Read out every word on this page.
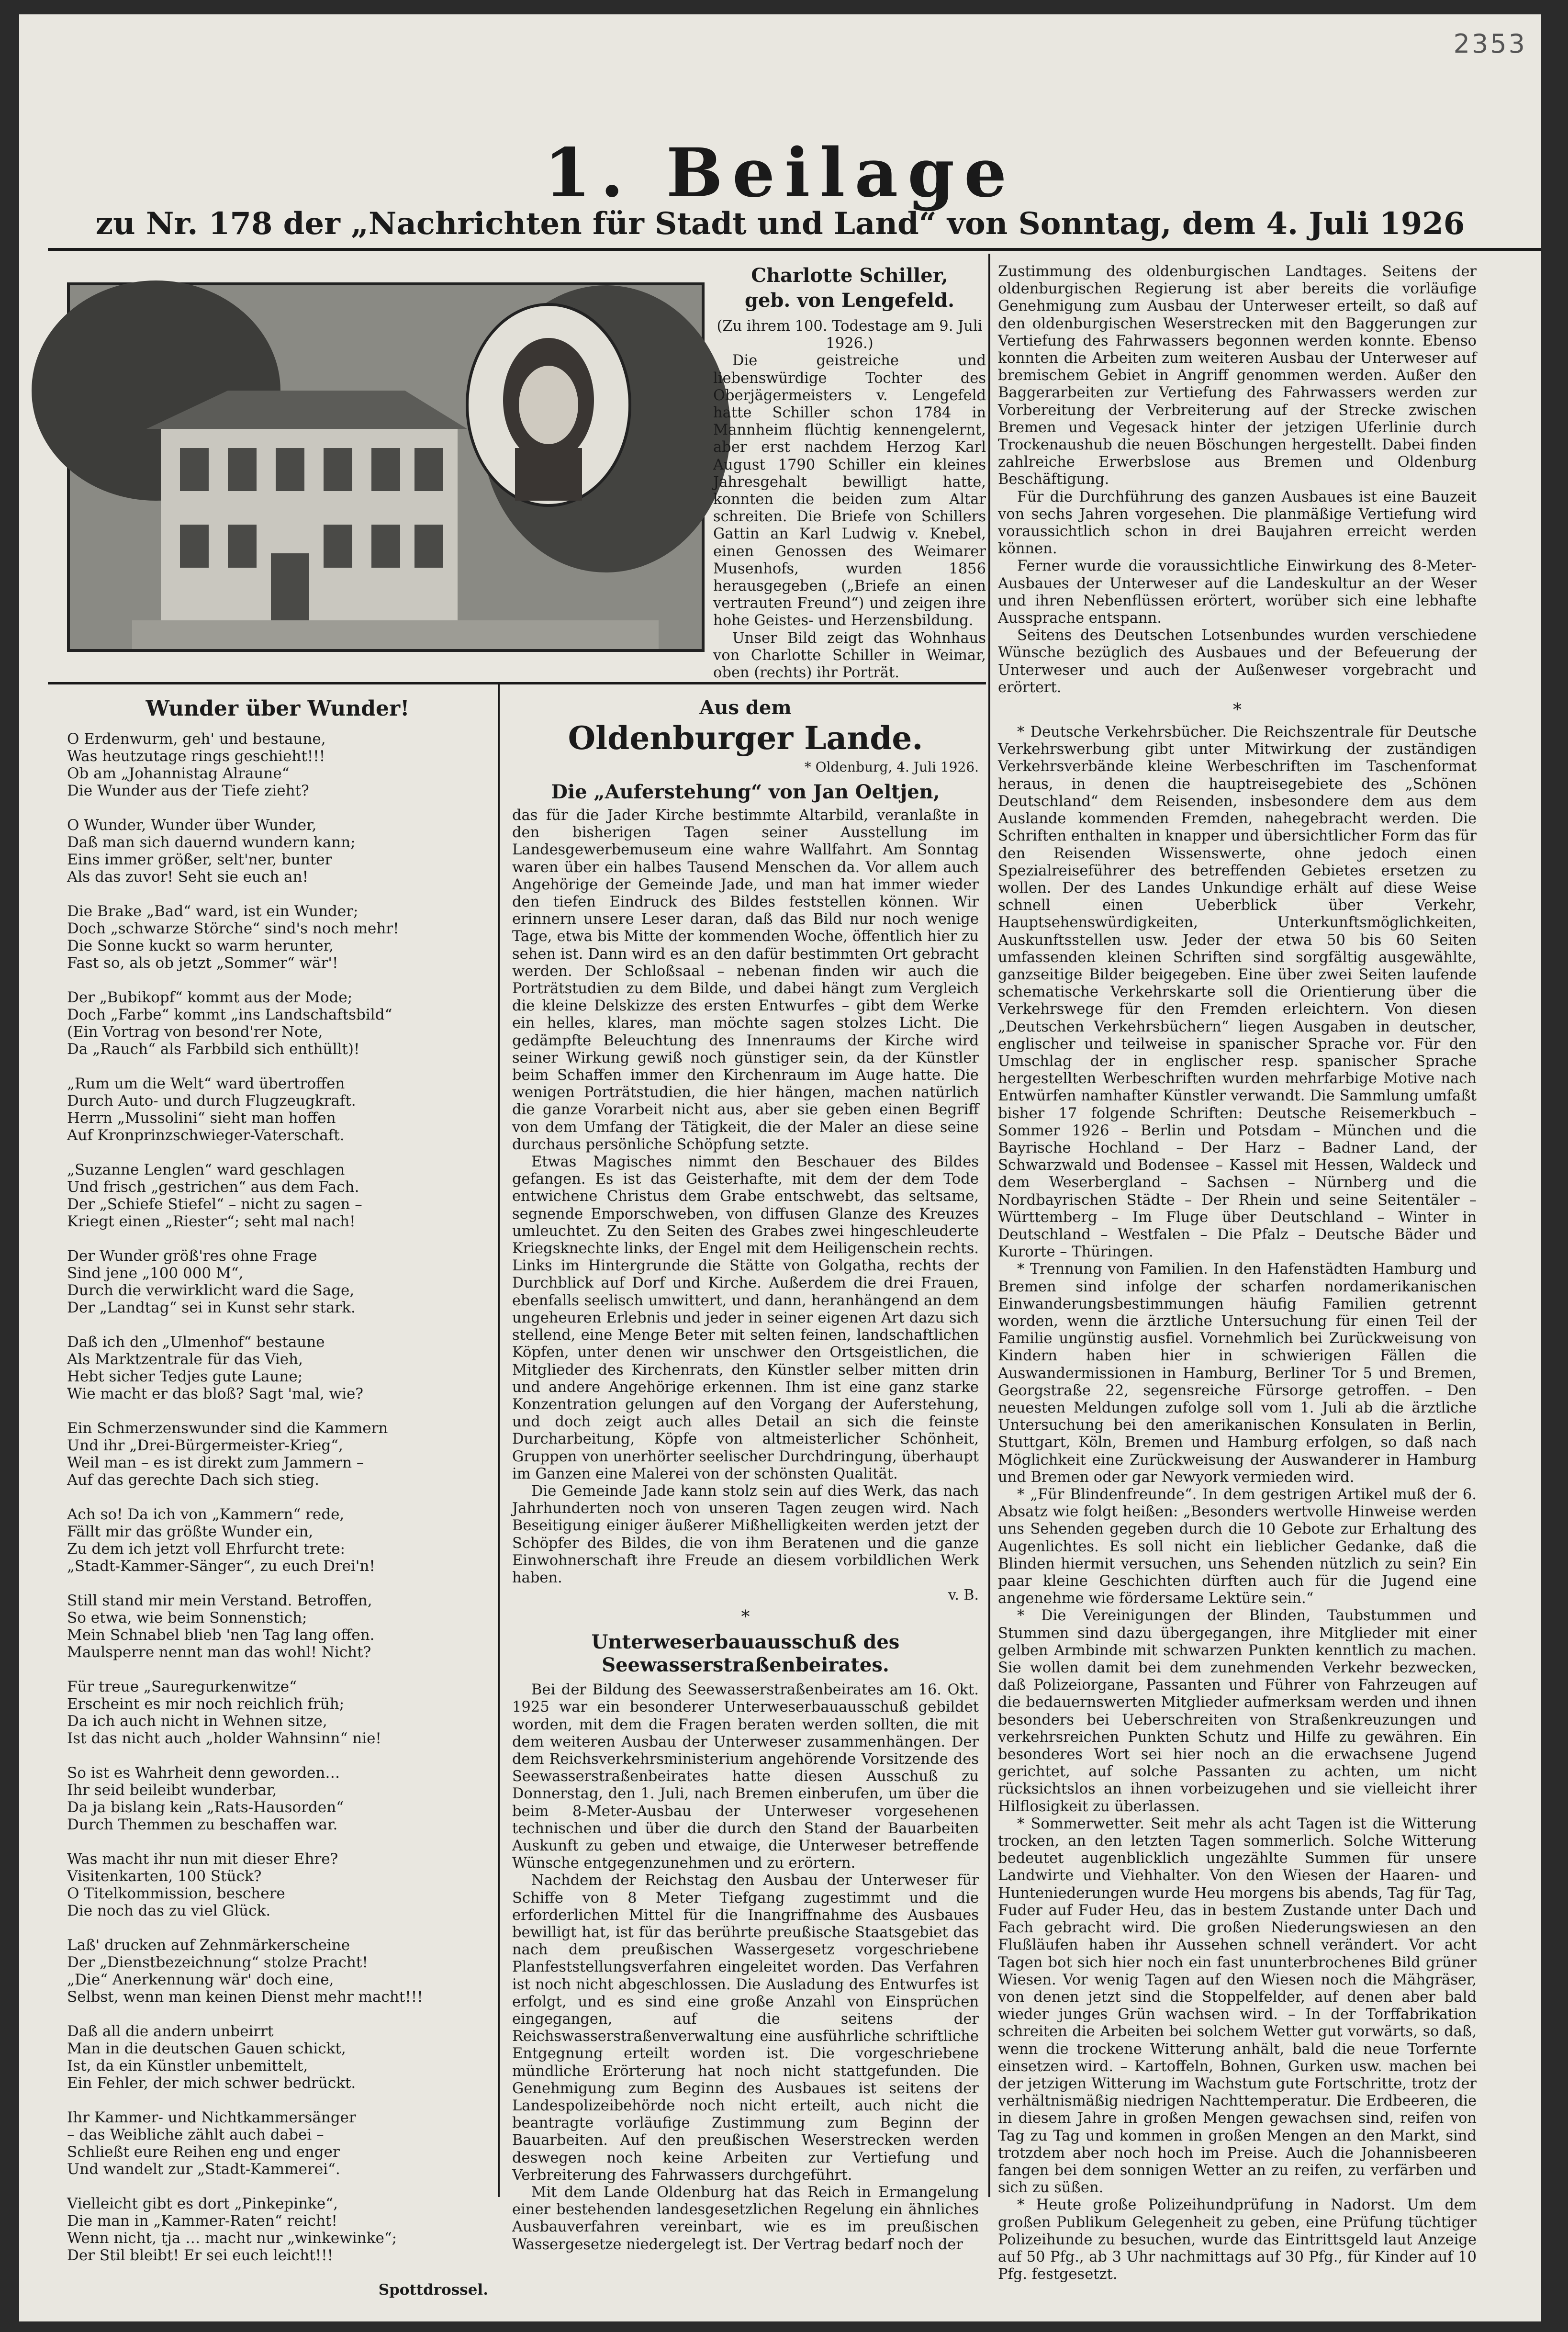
2353
1. Beilage
zu Nr. 178 der „Nachrichten für Stadt und Land“ von Sonntag, dem 4. Juli 1926
Charlotte Schiller,
geb. von Lengefeld.

(Zu ihrem 100. Todestage am 9. Juli 1926.)

Die geistreiche und liebenswürdige Tochter des Oberjägermeisters v. Lengefeld hatte Schiller schon 1784 in Mannheim flüchtig kennengelernt, aber erst nachdem Herzog Karl August 1790 Schiller ein kleines Jahresgehalt bewilligt hatte, konnten die beiden zum Altar schreiten. Die Briefe von Schillers Gattin an Karl Ludwig v. Knebel, einen Genossen des Weimarer Musenhofs, wurden 1856 herausgegeben („Briefe an einen vertrauten Freund“) und zeigen ihre hohe Geistes- und Herzensbildung.

Unser Bild zeigt das Wohnhaus von Charlotte Schiller in Weimar, oben (rechts) ihr Porträt.

Wunder über Wunder!
O Erdenwurm, geh' und bestaune,
Was heutzutage rings geschieht!!!
Ob am „Johannistag Alraune“
Die Wunder aus der Tiefe zieht?
O Wunder, Wunder über Wunder,
Daß man sich dauernd wundern kann;
Eins immer größer, selt'ner, bunter
Als das zuvor! Seht sie euch an!
Die Brake „Bad“ ward, ist ein Wunder;
Doch „schwarze Störche“ sind's noch mehr!
Die Sonne kuckt so warm herunter,
Fast so, als ob jetzt „Sommer“ wär'!
Der „Bubikopf“ kommt aus der Mode;
Doch „Farbe“ kommt „ins Landschaftsbild“
(Ein Vortrag von besond'rer Note,
Da „Rauch“ als Farbbild sich enthüllt)!
„Rum um die Welt“ ward übertroffen
Durch Auto- und durch Flugzeugkraft.
Herrn „Mussolini“ sieht man hoffen
Auf Kronprinzschwieger-Vaterschaft.
„Suzanne Lenglen“ ward geschlagen
Und frisch „gestrichen“ aus dem Fach.
Der „Schiefe Stiefel“ – nicht zu sagen –
Kriegt einen „Riester“; seht mal nach!
Der Wunder größ'res ohne Frage
Sind jene „100 000 M“,
Durch die verwirklicht ward die Sage,
Der „Landtag“ sei in Kunst sehr stark.
Daß ich den „Ulmenhof“ bestaune
Als Marktzentrale für das Vieh,
Hebt sicher Tedjes gute Laune;
Wie macht er das bloß? Sagt 'mal, wie?
Ein Schmerzenswunder sind die Kammern
Und ihr „Drei-Bürgermeister-Krieg“,
Weil man – es ist direkt zum Jammern –
Auf das gerechte Dach sich stieg.
Ach so! Da ich von „Kammern“ rede,
Fällt mir das größte Wunder ein,
Zu dem ich jetzt voll Ehrfurcht trete:
„Stadt-Kammer-Sänger“, zu euch Drei'n!
Still stand mir mein Verstand. Betroffen,
So etwa, wie beim Sonnenstich;
Mein Schnabel blieb 'nen Tag lang offen.
Maulsperre nennt man das wohl! Nicht?
Für treue „Sauregurkenwitze“
Erscheint es mir noch reichlich früh;
Da ich auch nicht in Wehnen sitze,
Ist das nicht auch „holder Wahnsinn“ nie!
So ist es Wahrheit denn geworden…
Ihr seid beileibt wunderbar,
Da ja bislang kein „Rats-Hausorden“
Durch Themmen zu beschaffen war.
Was macht ihr nun mit dieser Ehre?
Visitenkarten, 100 Stück?
O Titelkommission, beschere
Die noch das zu viel Glück.
Laß' drucken auf Zehnmärkerscheine
Der „Dienstbezeichnung“ stolze Pracht!
„Die“ Anerkennung wär' doch eine,
Selbst, wenn man keinen Dienst mehr macht!!!
Daß all die andern unbeirrt
Man in die deutschen Gauen schickt,
Ist, da ein Künstler unbemittelt,
Ein Fehler, der mich schwer bedrückt.
Ihr Kammer- und Nichtkammersänger
– das Weibliche zählt auch dabei –
Schließt eure Reihen eng und enger
Und wandelt zur „Stadt-Kammerei“.
Vielleicht gibt es dort „Pinkepinke“,
Die man in „Kammer-Raten“ reicht!
Wenn nicht, tja … macht nur „winkewinke“;
Der Stil bleibt! Er sei euch leicht!!!
Spottdrossel.
Aus dem
Oldenburger Lande.
* Oldenburg, 4. Juli 1926.
Die „Auferstehung“ von Jan Oeltjen,

das für die Jader Kirche bestimmte Altarbild, veranlaßte in den bisherigen Tagen seiner Ausstellung im Landesgewerbemuseum eine wahre Wallfahrt. Am Sonntag waren über ein halbes Tausend Menschen da. Vor allem auch Angehörige der Gemeinde Jade, und man hat immer wieder den tiefen Eindruck des Bildes feststellen können. Wir erinnern unsere Leser daran, daß das Bild nur noch wenige Tage, etwa bis Mitte der kommenden Woche, öffentlich hier zu sehen ist. Dann wird es an den dafür bestimmten Ort gebracht werden. Der Schloßsaal – nebenan finden wir auch die Porträtstudien zu dem Bilde, und dabei hängt zum Vergleich die kleine Delskizze des ersten Entwurfes – gibt dem Werke ein helles, klares, man möchte sagen stolzes Licht. Die gedämpfte Beleuchtung des Innenraums der Kirche wird seiner Wirkung gewiß noch günstiger sein, da der Künstler beim Schaffen immer den Kirchenraum im Auge hatte. Die wenigen Porträtstudien, die hier hängen, machen natürlich die ganze Vorarbeit nicht aus, aber sie geben einen Begriff von dem Umfang der Tätigkeit, die der Maler an diese seine durchaus persönliche Schöpfung setzte.

Etwas Magisches nimmt den Beschauer des Bildes gefangen. Es ist das Geisterhafte, mit dem der dem Tode entwichene Christus dem Grabe entschwebt, das seltsame, segnende Emporschweben, von diffusen Glanze des Kreuzes umleuchtet. Zu den Seiten des Grabes zwei hingeschleuderte Kriegsknechte links, der Engel mit dem Heiligenschein rechts. Links im Hintergrunde die Stätte von Golgatha, rechts der Durchblick auf Dorf und Kirche. Außerdem die drei Frauen, ebenfalls seelisch umwittert, und dann, heranhängend an dem ungeheuren Erlebnis und jeder in seiner eigenen Art dazu sich stellend, eine Menge Beter mit selten feinen, landschaftlichen Köpfen, unter denen wir unschwer den Ortsgeistlichen, die Mitglieder des Kirchenrats, den Künstler selber mitten drin und andere Angehörige erkennen. Ihm ist eine ganz starke Konzentration gelungen auf den Vorgang der Auferstehung, und doch zeigt auch alles Detail an sich die feinste Durcharbeitung, Köpfe von altmeisterlicher Schönheit, Gruppen von unerhörter seelischer Durchdringung, überhaupt im Ganzen eine Malerei von der schönsten Qualität.

Die Gemeinde Jade kann stolz sein auf dies Werk, das nach Jahrhunderten noch von unseren Tagen zeugen wird. Nach Beseitigung einiger äußerer Mißhelligkeiten werden jetzt der Schöpfer des Bildes, die von ihm Beratenen und die ganze Einwohnerschaft ihre Freude an diesem vorbildlichen Werk haben.

v. B.
*
Unterweserbauausschuß des Seewasserstraßenbeirates.

Bei der Bildung des Seewasserstraßenbeirates am 16. Okt. 1925 war ein besonderer Unterweserbauausschuß gebildet worden, mit dem die Fragen beraten werden sollten, die mit dem weiteren Ausbau der Unterweser zusammenhängen. Der dem Reichsverkehrsministerium angehörende Vorsitzende des Seewasserstraßenbeirates hatte diesen Ausschuß zu Donnerstag, den 1. Juli, nach Bremen einberufen, um über die beim 8-Meter-Ausbau der Unterweser vorgesehenen technischen und über die durch den Stand der Bauarbeiten Auskunft zu geben und etwaige, die Unterweser betreffende Wünsche entgegenzunehmen und zu erörtern.

Nachdem der Reichstag den Ausbau der Unterweser für Schiffe von 8 Meter Tiefgang zugestimmt und die erforderlichen Mittel für die Inangriffnahme des Ausbaues bewilligt hat, ist für das berührte preußische Staatsgebiet das nach dem preußischen Wassergesetz vorgeschriebene Planfeststellungsverfahren eingeleitet worden. Das Verfahren ist noch nicht abgeschlossen. Die Ausladung des Entwurfes ist erfolgt, und es sind eine große Anzahl von Einsprüchen eingegangen, auf die seitens der Reichswasserstraßenverwaltung eine ausführliche schriftliche Entgegnung erteilt worden ist. Die vorgeschriebene mündliche Erörterung hat noch nicht stattgefunden. Die Genehmigung zum Beginn des Ausbaues ist seitens der Landespolizeibehörde noch nicht erteilt, auch nicht die beantragte vorläufige Zustimmung zum Beginn der Bauarbeiten. Auf den preußischen Weserstrecken werden deswegen noch keine Arbeiten zur Vertiefung und Verbreiterung des Fahrwassers durchgeführt.

Mit dem Lande Oldenburg hat das Reich in Ermangelung einer bestehenden landesgesetzlichen Regelung ein ähnliches Ausbauverfahren vereinbart, wie es im preußischen Wassergesetze niedergelegt ist. Der Vertrag bedarf noch der

Zustimmung des oldenburgischen Landtages. Seitens der oldenburgischen Regierung ist aber bereits die vorläufige Genehmigung zum Ausbau der Unterweser erteilt, so daß auf den oldenburgischen Weserstrecken mit den Baggerungen zur Vertiefung des Fahrwassers begonnen werden konnte. Ebenso konnten die Arbeiten zum weiteren Ausbau der Unterweser auf bremischem Gebiet in Angriff genommen werden. Außer den Baggerarbeiten zur Vertiefung des Fahrwassers werden zur Vorbereitung der Verbreiterung auf der Strecke zwischen Bremen und Vegesack hinter der jetzigen Uferlinie durch Trockenaushub die neuen Böschungen hergestellt. Dabei finden zahlreiche Erwerbslose aus Bremen und Oldenburg Beschäftigung.

Für die Durchführung des ganzen Ausbaues ist eine Bauzeit von sechs Jahren vorgesehen. Die planmäßige Vertiefung wird voraussichtlich schon in drei Baujahren erreicht werden können.

Ferner wurde die voraussichtliche Einwirkung des 8-Meter-Ausbaues der Unterweser auf die Landeskultur an der Weser und ihren Nebenflüssen erörtert, worüber sich eine lebhafte Aussprache entspann.

Seitens des Deutschen Lotsenbundes wurden verschiedene Wünsche bezüglich des Ausbaues und der Befeuerung der Unterweser und auch der Außenweser vorgebracht und erörtert.

*

* Deutsche Verkehrsbücher. Die Reichszentrale für Deutsche Verkehrswerbung gibt unter Mitwirkung der zuständigen Verkehrsverbände kleine Werbeschriften im Taschenformat heraus, in denen die hauptreisegebiete des „Schönen Deutschland“ dem Reisenden, insbesondere dem aus dem Auslande kommenden Fremden, nahegebracht werden. Die Schriften enthalten in knapper und übersichtlicher Form das für den Reisenden Wissenswerte, ohne jedoch einen Spezialreiseführer des betreffenden Gebietes ersetzen zu wollen. Der des Landes Unkundige erhält auf diese Weise schnell einen Ueberblick über Verkehr, Hauptsehenswürdigkeiten, Unterkunftsmöglichkeiten, Auskunftsstellen usw. Jeder der etwa 50 bis 60 Seiten umfassenden kleinen Schriften sind sorgfältig ausgewählte, ganzseitige Bilder beigegeben. Eine über zwei Seiten laufende schematische Verkehrskarte soll die Orientierung über die Verkehrswege für den Fremden erleichtern. Von diesen „Deutschen Verkehrsbüchern“ liegen Ausgaben in deutscher, englischer und teilweise in spanischer Sprache vor. Für den Umschlag der in englischer resp. spanischer Sprache hergestellten Werbeschriften wurden mehrfarbige Motive nach Entwürfen namhafter Künstler verwandt. Die Sammlung umfaßt bisher 17 folgende Schriften: Deutsche Reisemerkbuch – Sommer 1926 – Berlin und Potsdam – München und die Bayrische Hochland – Der Harz – Badner Land, der Schwarzwald und Bodensee – Kassel mit Hessen, Waldeck und dem Weserbergland – Sachsen – Nürnberg und die Nordbayrischen Städte – Der Rhein und seine Seitentäler – Württemberg – Im Fluge über Deutschland – Winter in Deutschland – Westfalen – Die Pfalz – Deutsche Bäder und Kurorte – Thüringen.

* Trennung von Familien. In den Hafenstädten Hamburg und Bremen sind infolge der scharfen nordamerikanischen Einwanderungsbestimmungen häufig Familien getrennt worden, wenn die ärztliche Untersuchung für einen Teil der Familie ungünstig ausfiel. Vornehmlich bei Zurückweisung von Kindern haben hier in schwierigen Fällen die Auswandermissionen in Hamburg, Berliner Tor 5 und Bremen, Georgstraße 22, segensreiche Fürsorge getroffen. – Den neuesten Meldungen zufolge soll vom 1. Juli ab die ärztliche Untersuchung bei den amerikanischen Konsulaten in Berlin, Stuttgart, Köln, Bremen und Hamburg erfolgen, so daß nach Möglichkeit eine Zurückweisung der Auswanderer in Hamburg und Bremen oder gar Newyork vermieden wird.

* „Für Blindenfreunde“. In dem gestrigen Artikel muß der 6. Absatz wie folgt heißen: „Besonders wertvolle Hinweise werden uns Sehenden gegeben durch die 10 Gebote zur Erhaltung des Augenlichtes. Es soll nicht ein lieblicher Gedanke, daß die Blinden hiermit versuchen, uns Sehenden nützlich zu sein? Ein paar kleine Geschichten dürften auch für die Jugend eine angenehme wie fördersame Lektüre sein.“

* Die Vereinigungen der Blinden, Taubstummen und Stummen sind dazu übergegangen, ihre Mitglieder mit einer gelben Armbinde mit schwarzen Punkten kenntlich zu machen. Sie wollen damit bei dem zunehmenden Verkehr bezwecken, daß Polizeiorgane, Passanten und Führer von Fahrzeugen auf die bedauernswerten Mitglieder aufmerksam werden und ihnen besonders bei Ueberschreiten von Straßenkreuzungen und verkehrsreichen Punkten Schutz und Hilfe zu gewähren. Ein besonderes Wort sei hier noch an die erwachsene Jugend gerichtet, auf solche Passanten zu achten, um nicht rücksichtslos an ihnen vorbeizugehen und sie vielleicht ihrer Hilflosigkeit zu überlassen.

* Sommerwetter. Seit mehr als acht Tagen ist die Witterung trocken, an den letzten Tagen sommerlich. Solche Witterung bedeutet augenblicklich ungezählte Summen für unsere Landwirte und Viehhalter. Von den Wiesen der Haaren- und Hunteniederungen wurde Heu morgens bis abends, Tag für Tag, Fuder auf Fuder Heu, das in bestem Zustande unter Dach und Fach gebracht wird. Die großen Niederungswiesen an den Flußläufen haben ihr Aussehen schnell verändert. Vor acht Tagen bot sich hier noch ein fast ununterbrochenes Bild grüner Wiesen. Vor wenig Tagen auf den Wiesen noch die Mähgräser, von denen jetzt sind die Stoppelfelder, auf denen aber bald wieder junges Grün wachsen wird. – In der Torffabrikation schreiten die Arbeiten bei solchem Wetter gut vorwärts, so daß, wenn die trockene Witterung anhält, bald die neue Torfernte einsetzen wird. – Kartoffeln, Bohnen, Gurken usw. machen bei der jetzigen Witterung im Wachstum gute Fortschritte, trotz der verhältnismäßig niedrigen Nachttemperatur. Die Erdbeeren, die in diesem Jahre in großen Mengen gewachsen sind, reifen von Tag zu Tag und kommen in großen Mengen an den Markt, sind trotzdem aber noch hoch im Preise. Auch die Johannisbeeren fangen bei dem sonnigen Wetter an zu reifen, zu verfärben und sich zu süßen.

* Heute große Polizeihundprüfung in Nadorst. Um dem großen Publikum Gelegenheit zu geben, eine Prüfung tüchtiger Polizeihunde zu besuchen, wurde das Eintrittsgeld laut Anzeige auf 50 Pfg., ab 3 Uhr nachmittags auf 30 Pfg., für Kinder auf 10 Pfg. festgesetzt.
